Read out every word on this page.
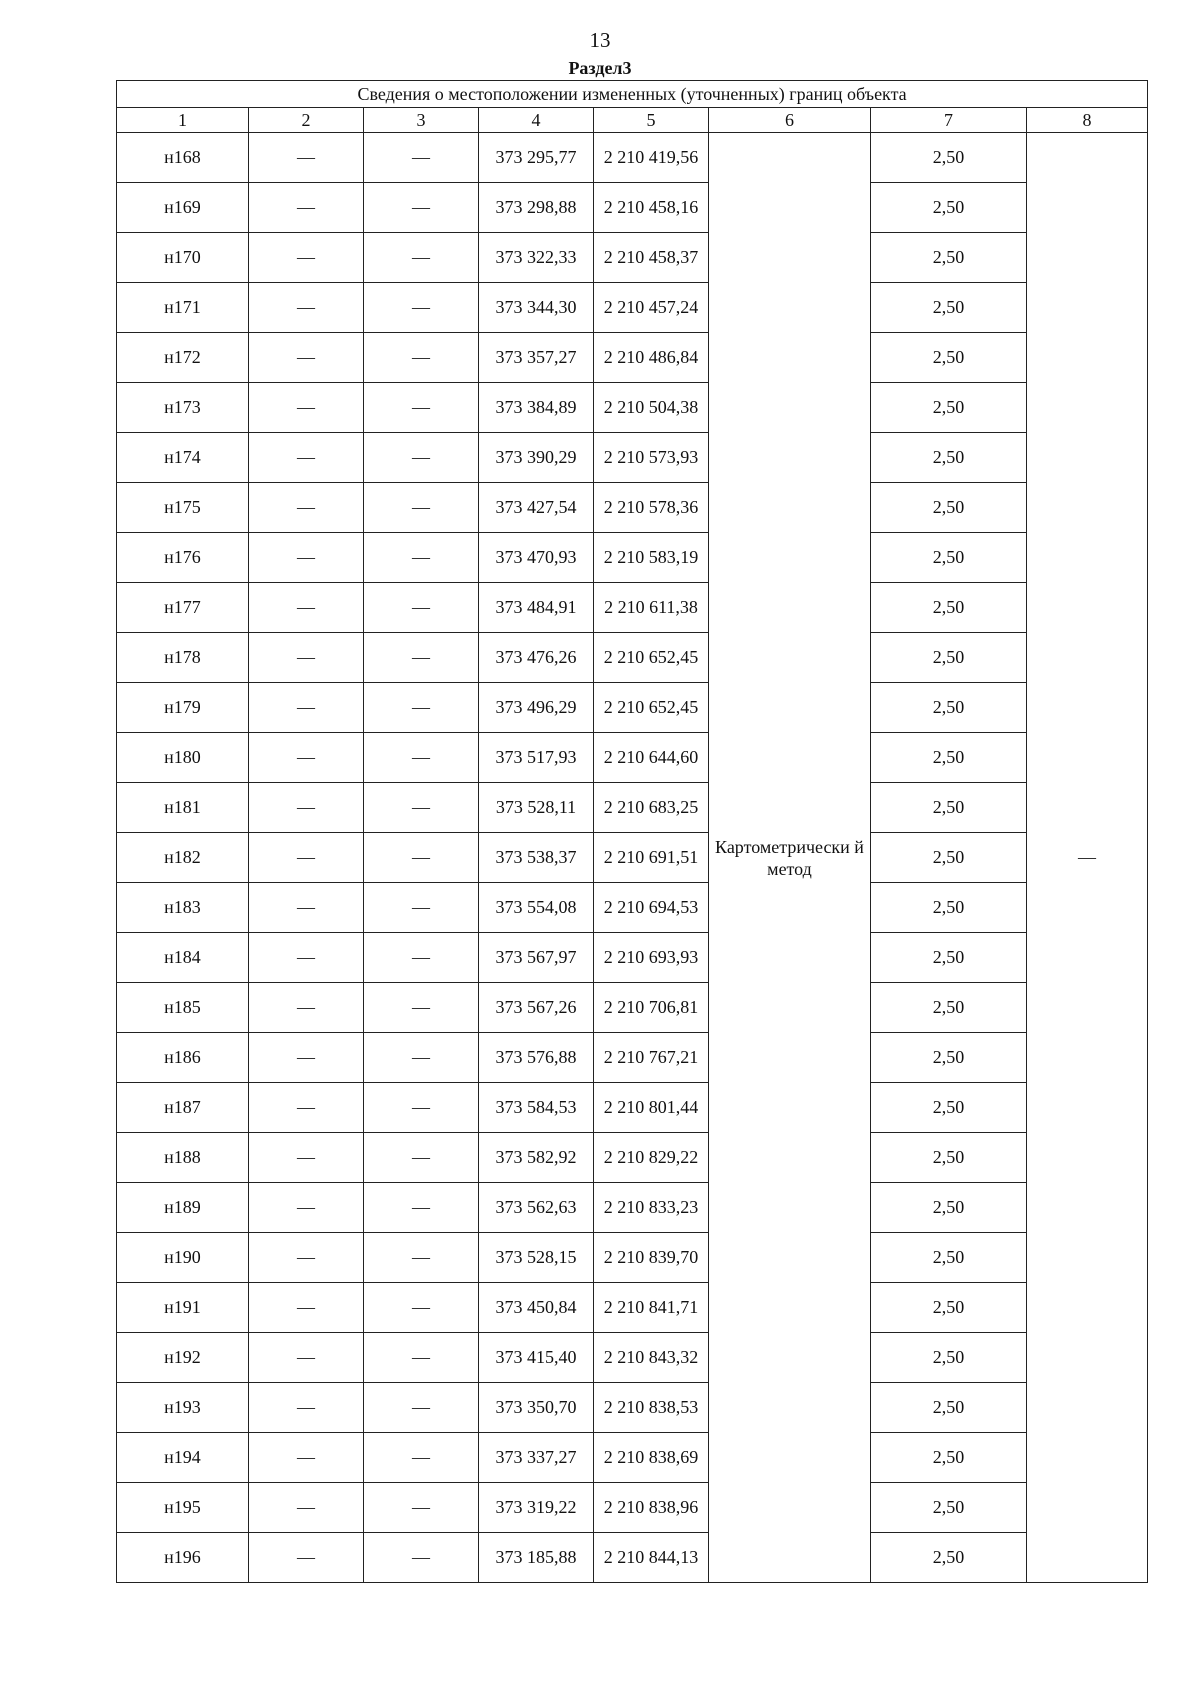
13
Раздел3
Сведения о местоположении измененных (уточненных) границ объекта							
1	2	3	4	5	6	7	8
н168	—	—	373 295,77	2 210 419,56	Картометрически й метод	2,50	—
н169	—	—	373 298,88	2 210 458,16		2,50	
н170	—	—	373 322,33	2 210 458,37		2,50	
н171	—	—	373 344,30	2 210 457,24		2,50	
н172	—	—	373 357,27	2 210 486,84		2,50	
н173	—	—	373 384,89	2 210 504,38		2,50	
н174	—	—	373 390,29	2 210 573,93		2,50	
н175	—	—	373 427,54	2 210 578,36		2,50	
н176	—	—	373 470,93	2 210 583,19		2,50	
н177	—	—	373 484,91	2 210 611,38		2,50	
н178	—	—	373 476,26	2 210 652,45		2,50	
н179	—	—	373 496,29	2 210 652,45		2,50	
н180	—	—	373 517,93	2 210 644,60		2,50	
н181	—	—	373 528,11	2 210 683,25		2,50	
н182	—	—	373 538,37	2 210 691,51		2,50	
н183	—	—	373 554,08	2 210 694,53		2,50	
н184	—	—	373 567,97	2 210 693,93		2,50	
н185	—	—	373 567,26	2 210 706,81		2,50	
н186	—	—	373 576,88	2 210 767,21		2,50	
н187	—	—	373 584,53	2 210 801,44		2,50	
н188	—	—	373 582,92	2 210 829,22		2,50	
н189	—	—	373 562,63	2 210 833,23		2,50	
н190	—	—	373 528,15	2 210 839,70		2,50	
н191	—	—	373 450,84	2 210 841,71		2,50	
н192	—	—	373 415,40	2 210 843,32		2,50	
н193	—	—	373 350,70	2 210 838,53		2,50	
н194	—	—	373 337,27	2 210 838,69		2,50	
н195	—	—	373 319,22	2 210 838,96		2,50	
н196	—	—	373 185,88	2 210 844,13		2,50	
